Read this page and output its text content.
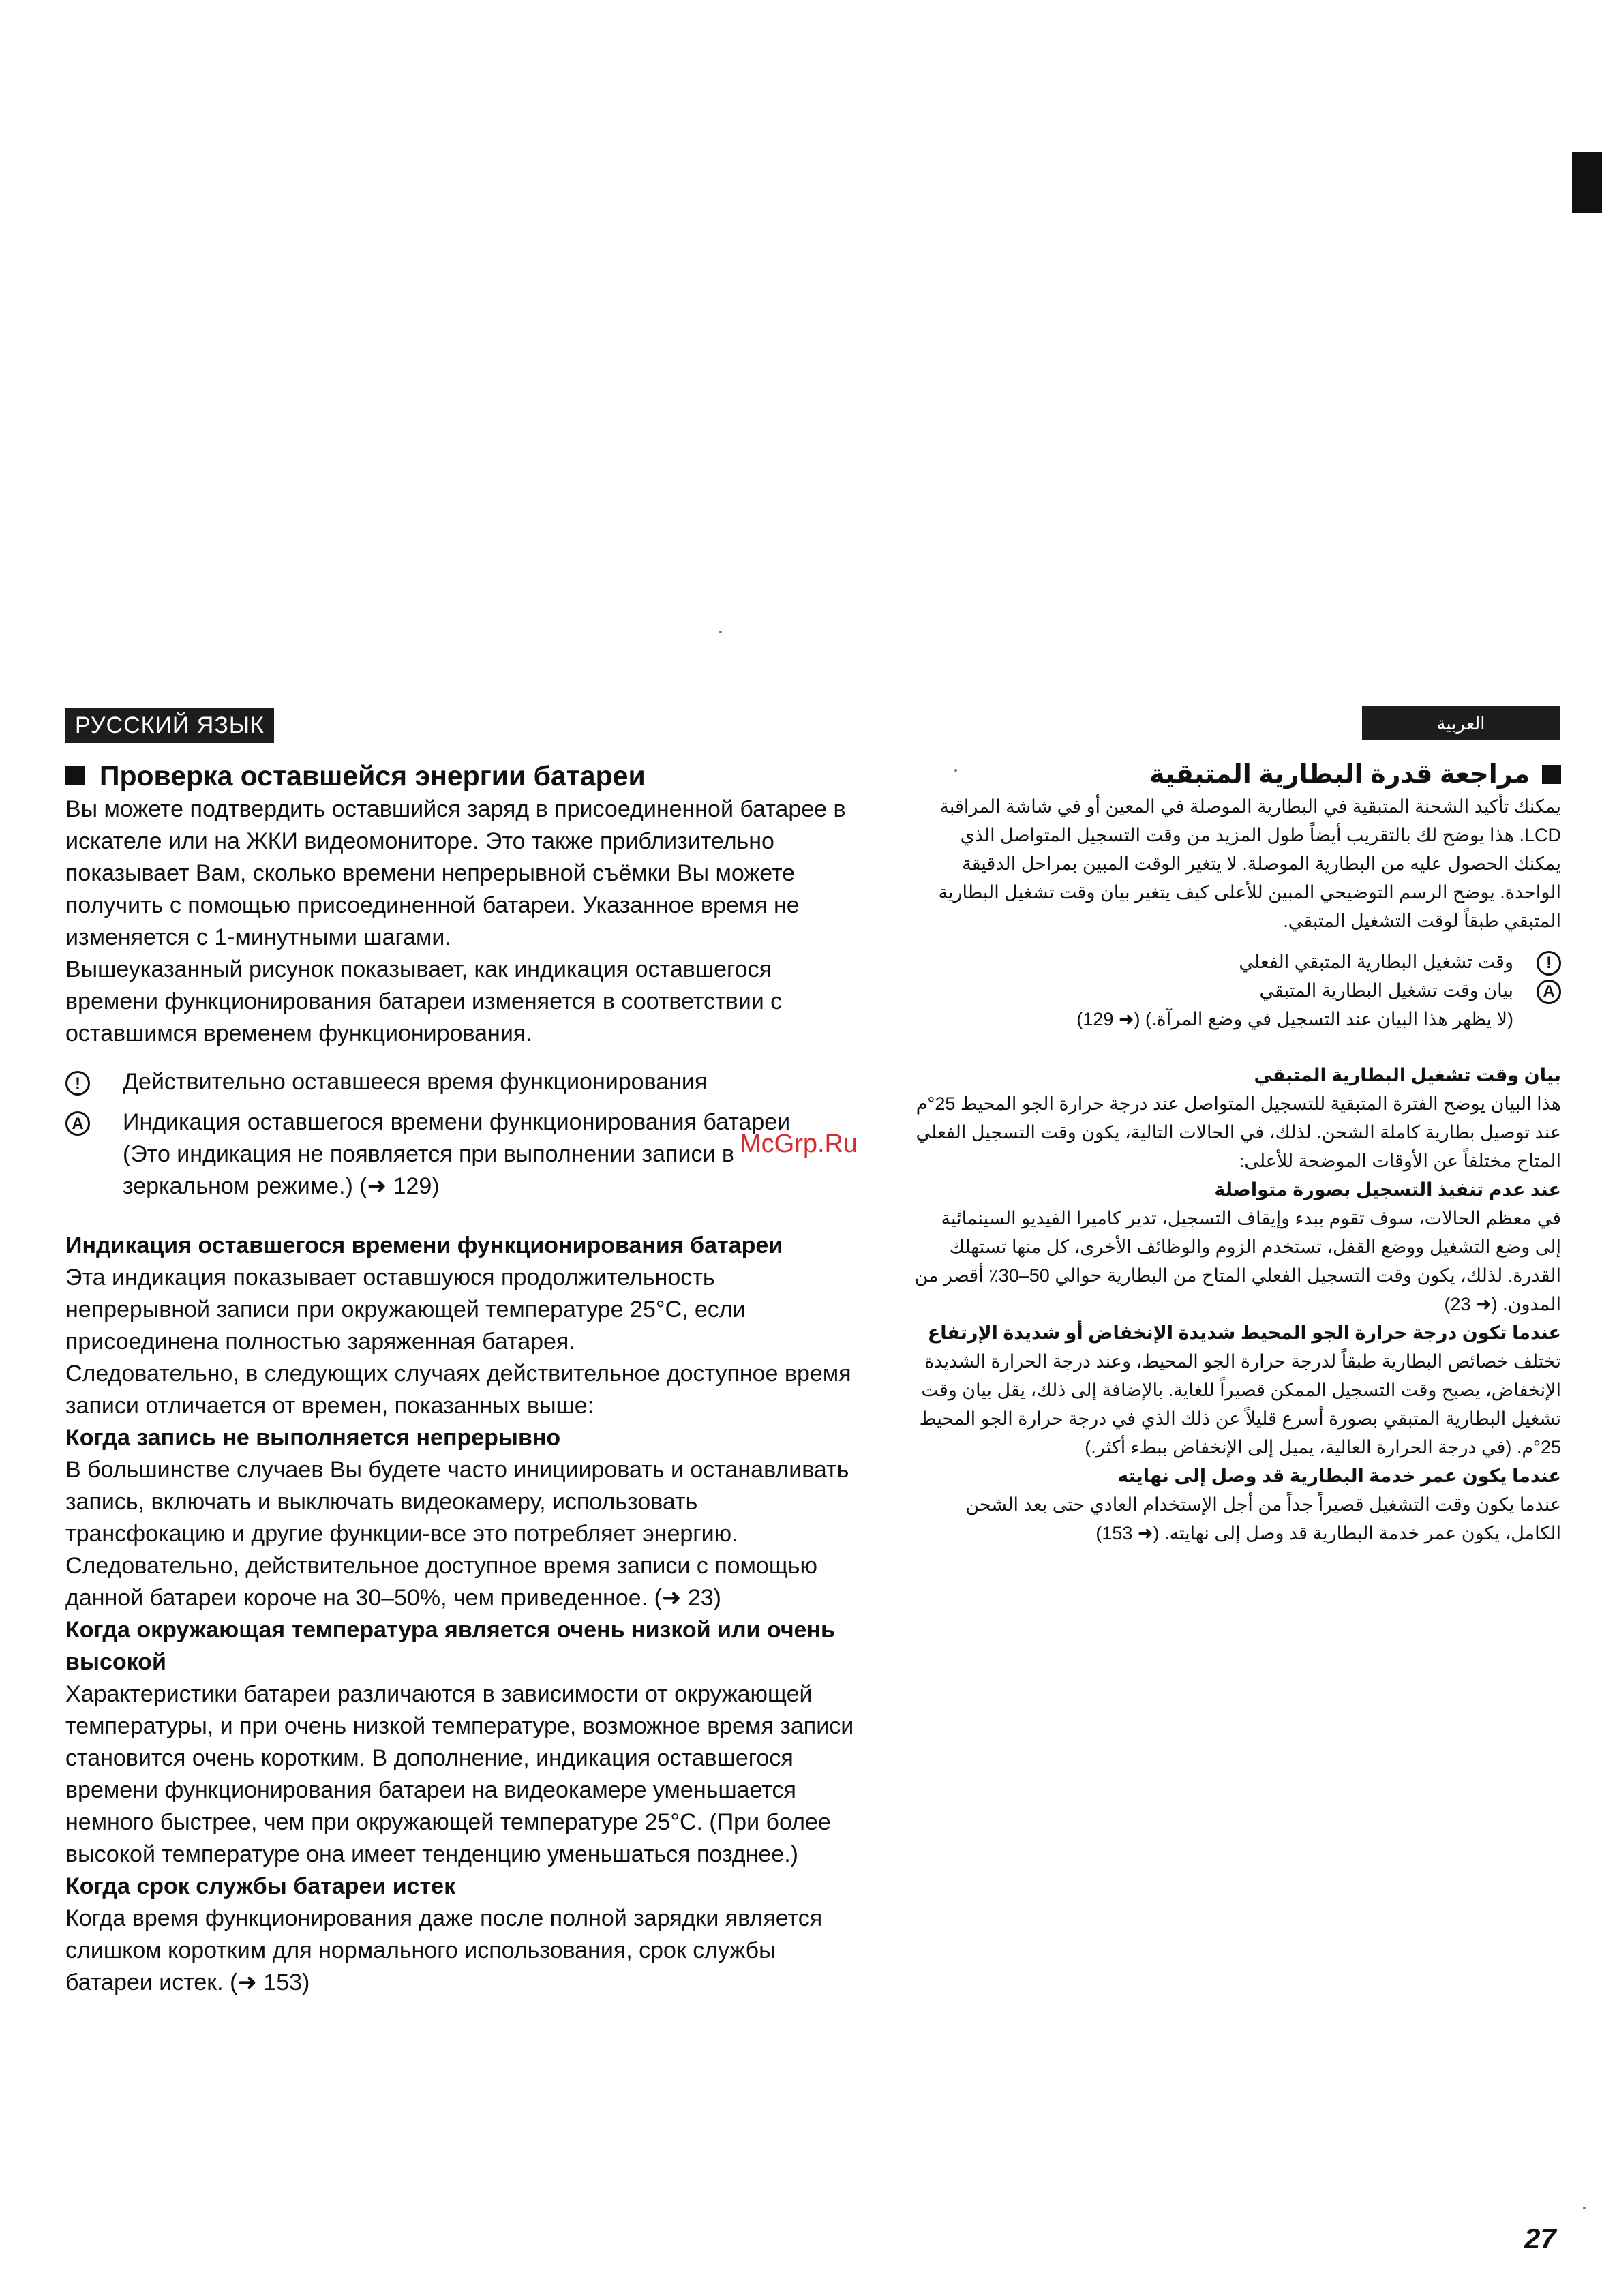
РУССКИЙ ЯЗЫК
Проверка оставшейся энергии батареи

Вы можете подтвердить оставшийся заряд в присоединенной батарее в искателе или на ЖКИ видеомониторе. Это также приблизительно показывает Вам, сколько времени непрерывной съёмки Вы можете получить с помощью присоединенной батареи. Указанное время не изменяется с 1-минутными шагами.

Вышеуказанный рисунок показывает, как индикация оставшегося времени функционирования батареи изменяется в соответствии с оставшимся временем функционирования.

!	Действительно оставшееся время функционирования
A	Индикация оставшегося времени функционирования батареи

(Это индикация не появляется при выполнении записи в зеркальном режиме.) (➜ 129)

Индикация оставшегося времени функционирования батареи

Эта индикация показывает оставшуюся продолжительность непрерывной записи при окружающей температуре 25°C, если присоединена полностью заряженная батарея.

Следовательно, в следующих случаях действительное доступное время записи отличается от времен, показанных выше:

Когда запись не выполняется непрерывно

В большинстве случаев Вы будете часто инициировать и останавливать запись, включать и выключать видеокамеру, использовать трансфокацию и другие функции-все это потребляет энергию. Следовательно, действительное доступное время записи с помощью данной батареи короче на 30–50%, чем приведенное. (➜ 23)

Когда окружающая температура является очень низкой или очень высокой

Характеристики батареи различаются в зависимости от окружающей температуры, и при очень низкой температуре, возможное время записи становится очень коротким. В дополнение, индикация оставшегося времени функционирования батареи на видеокамере уменьшается немного быстрее, чем при окружающей температуре 25°C. (При более высокой температуре она имеет тенденцию уменьшаться позднее.)

Когда срок службы батареи истек

Когда время функционирования даже после полной зарядки является слишком коротким для нормального использования, срок службы батареи истек. (➜ 153)

العربية
مراجعة قدرة البطارية المتبقية

يمكنك تأكيد الشحنة المتبقية في البطارية الموصلة في المعين أو في شاشة المراقبة LCD. هذا يوضح لك بالتقريب أيضاً طول المزيد من وقت التسجيل المتواصل الذي يمكنك الحصول عليه من البطارية الموصلة. لا يتغير الوقت المبين بمراحل الدقيقة الواحدة. يوضح الرسم التوضيحي المبين للأعلى كيف يتغير بيان وقت تشغيل البطارية المتبقي طبقاً لوقت التشغيل المتبقي.

!
وقت تشغيل البطارية المتبقي الفعلي
A

بيان وقت تشغيل البطارية المتبقي

(لا يظهر هذا البيان عند التسجيل في وضع المرآة.) (➜ 129)

بيان وقت تشغيل البطارية المتبقي

هذا البيان يوضح الفترة المتبقية للتسجيل المتواصل عند درجة حرارة الجو المحيط 25°م عند توصيل بطارية كاملة الشحن. لذلك، في الحالات التالية، يكون وقت التسجيل الفعلي المتاح مختلفاً عن الأوقات الموضحة للأعلى:

عند عدم تنفيذ التسجيل بصورة متواصلة

في معظم الحالات، سوف تقوم ببدء وإيقاف التسجيل، تدير كاميرا الفيديو السينمائية إلى وضع التشغيل ووضع القفل، تستخدم الزوم والوظائف الأخرى، كل منها تستهلك القدرة. لذلك، يكون وقت التسجيل الفعلي المتاح من البطارية حوالي 50–30٪ أقصر من المدون. (➜ 23)

عندما تكون درجة حرارة الجو المحيط شديدة الإنخفاض أو شديدة الإرتفاع

تختلف خصائص البطارية طبقاً لدرجة حرارة الجو المحيط، وعند درجة الحرارة الشديدة الإنخفاض، يصبح وقت التسجيل الممكن قصيراً للغاية. بالإضافة إلى ذلك، يقل بيان وقت تشغيل البطارية المتبقي بصورة أسرع قليلاً عن ذلك الذي في درجة حرارة الجو المحيط 25°م. (في درجة الحرارة العالية، يميل إلى الإنخفاض ببطء أكثر.)

عندما يكون عمر خدمة البطارية قد وصل إلى نهايته

عندما يكون وقت التشغيل قصيراً جداً من أجل الإستخدام العادي حتى بعد الشحن الكامل، يكون عمر خدمة البطارية قد وصل إلى نهايته. (➜ 153)

McGrp.Ru
27
